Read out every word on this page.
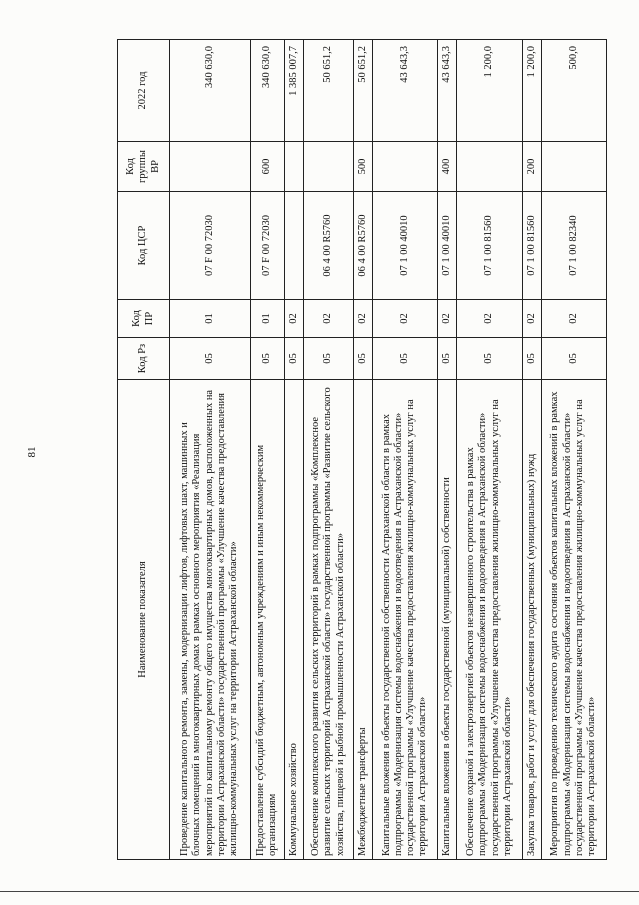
81
Наименование показателя	Код Рз	Код ПР	Код ЦСР	Код группы ВР	2022 год
Проведение капитального ремонта, замены, модернизации лифтов, лифтовых шахт, машинных и блочных помещений в многоквартирных домах в рамках основного мероприятия «Реализация мероприятий по капитальному ремонту общего имущества многоквартирных домов, расположенных на территории Астраханской области» государственной программы «Улучшение качества предоставления жилищно-коммунальных услуг на территории Астраханской области»	05	01	07 F 00 72030		340 630,0
Предоставление субсидий бюджетным, автономным учреждениям и иным некоммерческим организациям	05	01	07 F 00 72030	600	340 630,0
Коммунальное хозяйство	05	02			1 385 007,7
Обеспечение комплексного развития сельских территорий в рамках подпрограммы «Комплексное развитие сельских территорий Астраханской области» государственной программы «Развитие сельского хозяйства, пищевой и рыбной промышленности Астраханской области»	05	02	06 4 00 R5760		50 651,2
Межбюджетные трансферты	05	02	06 4 00 R5760	500	50 651,2
Капитальные вложения в объекты государственной собственности Астраханской области в рамках подпрограммы «Модернизация системы водоснабжения и водоотведения в Астраханской области» государственной программы «Улучшение качества предоставления жилищно-коммунальных услуг на территории Астраханской области»	05	02	07 1 00 40010		43 643,3
Капитальные вложения в объекты государственной (муниципальной) собственности	05	02	07 1 00 40010	400	43 643,3
Обеспечение охраной и электроэнергией объектов незавершенного строительства в рамках подпрограммы «Модернизация системы водоснабжения и водоотведения в Астраханской области» государственной программы «Улучшение качества предоставления жилищно-коммунальных услуг на территории Астраханской области»	05	02	07 1 00 81560		1 200,0
Закупка товаров, работ и услуг для обеспечения государственных (муниципальных) нужд	05	02	07 1 00 81560	200	1 200,0
Мероприятия по проведению технического аудита состояния объектов капитальных вложений в рамках подпрограммы «Модернизация системы водоснабжения и водоотведения в Астраханской области» государственной программы «Улучшение качества предоставления жилищно-коммунальных услуг на территории Астраханской области»	05	02	07 1 00 82340		500,0
